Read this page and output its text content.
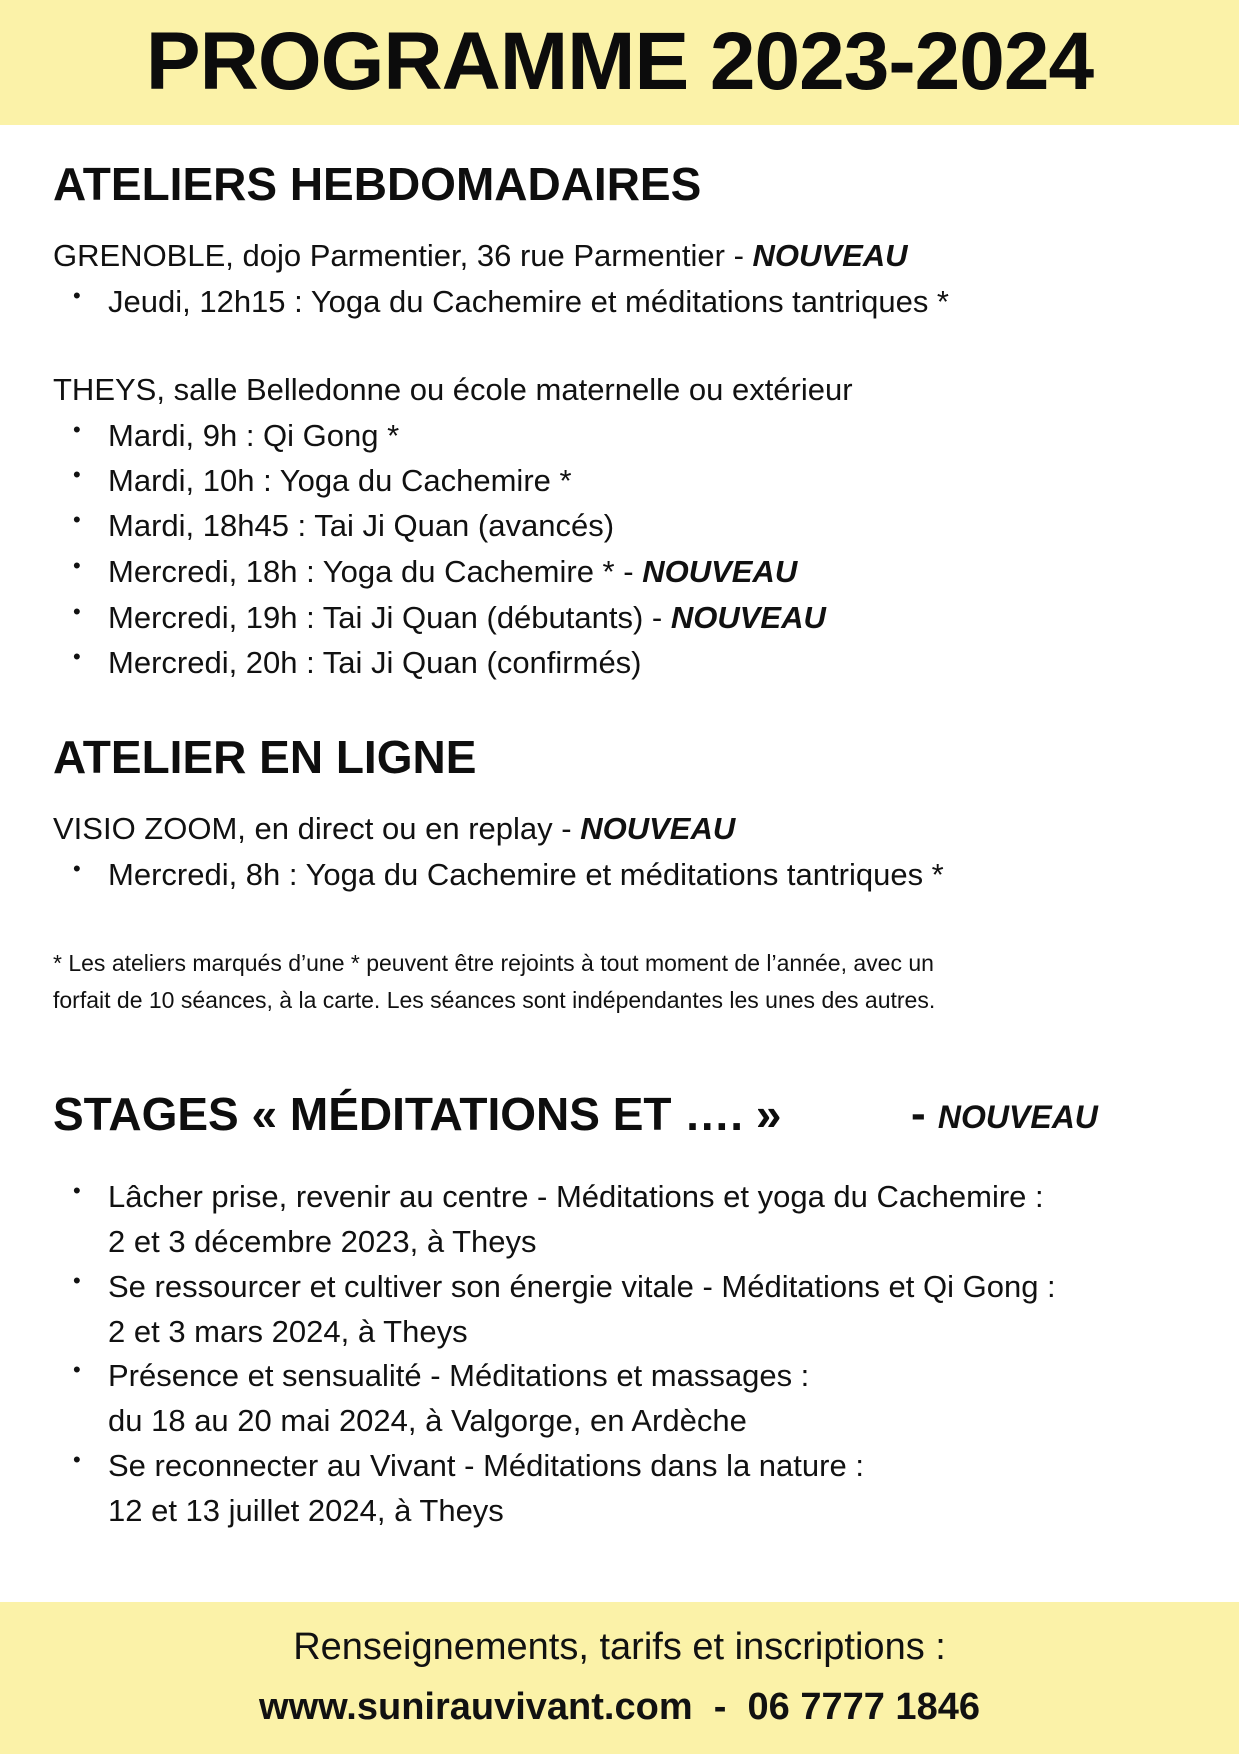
PROGRAMME 2023-2024
ATELIERS HEBDOMADAIRES
GRENOBLE, dojo Parmentier, 36 rue Parmentier - NOUVEAU
• Jeudi, 12h15 : Yoga du Cachemire et méditations tantriques *
THEYS, salle Belledonne ou école maternelle ou extérieur
• Mardi, 9h : Qi Gong *
• Mardi, 10h : Yoga du Cachemire *
• Mardi, 18h45 : Tai Ji Quan (avancés)
• Mercredi, 18h : Yoga du Cachemire * - NOUVEAU
• Mercredi, 19h : Tai Ji Quan (débutants) - NOUVEAU
• Mercredi, 20h : Tai Ji Quan (confirmés)
ATELIER EN LIGNE
VISIO ZOOM, en direct ou en replay - NOUVEAU
• Mercredi, 8h : Yoga du Cachemire et méditations tantriques *
* Les ateliers marqués d’une * peuvent être rejoints à tout moment de l’année, avec un
forfait de 10 séances, à la carte. Les séances sont indépendantes les unes des autres.
STAGES « MÉDITATIONS ET …. »	- NOUVEAU
• Lâcher prise, revenir au centre - Méditations et yoga du Cachemire :
2 et 3 décembre 2023, à Theys
• Se ressourcer et cultiver son énergie vitale - Méditations et Qi Gong :
2 et 3 mars 2024, à Theys
• Présence et sensualité - Méditations et massages :
du 18 au 20 mai 2024, à Valgorge, en Ardèche
• Se reconnecter au Vivant - Méditations dans la nature :
12 et 13 juillet 2024, à Theys
Renseignements, tarifs et inscriptions :
www.sunirauvivant.com  -  06 7777 1846
